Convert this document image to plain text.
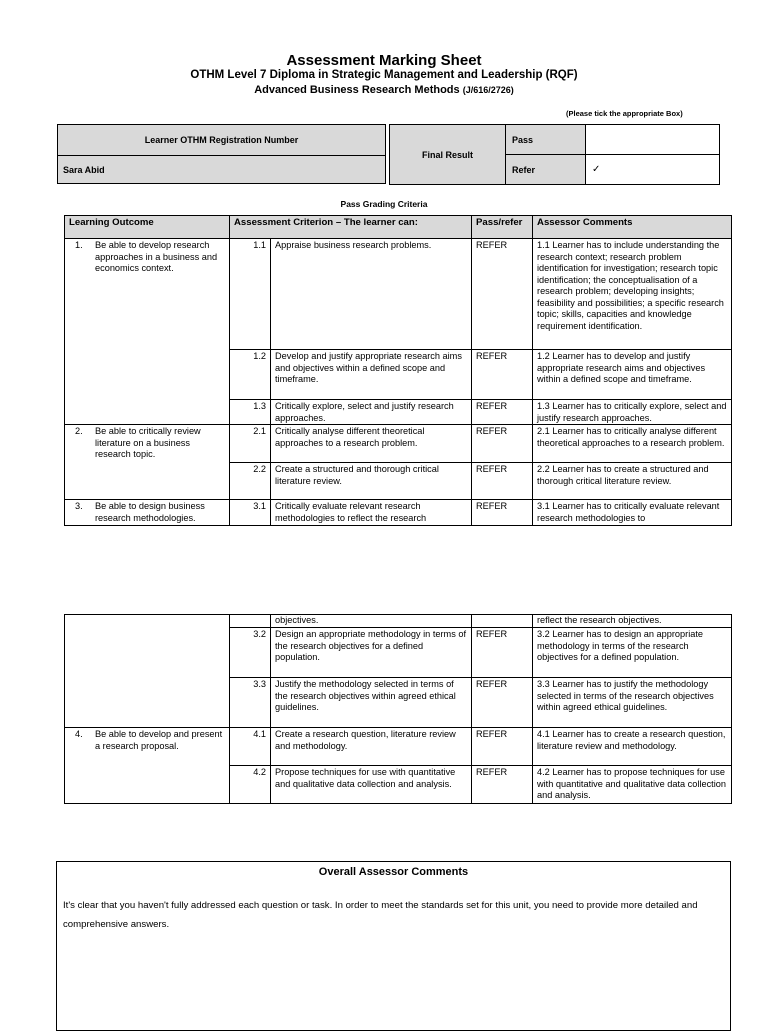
Assessment Marking Sheet
OTHM Level 7 Diploma in Strategic Management and Leadership (RQF)
Advanced Business Research Methods (J/616/2726)
(Please tick the appropriate Box)
Learner OTHM Registration Number
Sara Abid
Final Result
Pass
Refer	✓
Pass Grading Criteria
Learning Outcome	Assessment Criterion – The learner can:		Pass/refer	Assessor Comments

1. Be able to develop research approaches in a business and economics context.	1.1	Appraise business research problems.	REFER	1.1 Learner has to include understanding the research context; research problem identification for investigation; research topic identification; the conceptualisation of a research problem; developing insights; feasibility and possibilities; a specific research topic; skills, capacities and knowledge requirement identification.
	1.2	Develop and justify appropriate research aims and objectives within a defined scope and timeframe.	REFER	1.2 Learner has to develop and justify appropriate research aims and objectives within a defined scope and timeframe.
	1.3	Critically explore, select and justify research approaches.	REFER	1.3 Learner has to critically explore, select and justify research approaches.

2. Be able to critically review literature on a business research topic.	2.1	Critically analyse different theoretical approaches to a research problem.	REFER	2.1 Learner has to critically analyse different theoretical approaches to a research problem.
	2.2	Create a structured and thorough critical literature review.	REFER	2.2 Learner has to create a structured and thorough critical literature review.

3. Be able to design business research methodologies.	3.1	Critically evaluate relevant research methodologies to reflect the research	REFER	3.1 Learner has to critically evaluate relevant research methodologies to
		objectives.		reflect the research objectives.
	3.2	Design an appropriate methodology in terms of the research objectives for a defined population.	REFER	3.2 Learner has to design an appropriate methodology in terms of the research objectives for a defined population.
	3.3	Justify the methodology selected in terms of the research objectives within agreed ethical guidelines.	REFER	3.3 Learner has to justify the methodology selected in terms of the research objectives within agreed ethical guidelines.

4. Be able to develop and present a research proposal.	4.1	Create a research question, literature review and methodology.	REFER	4.1 Learner has to create a research question, literature review and methodology.
	4.2	Propose techniques for use with quantitative and qualitative data collection and analysis.	REFER	4.2 Learner has to propose techniques for use with quantitative and qualitative data collection and analysis.
Overall Assessor Comments
It's clear that you haven't fully addressed each question or task. In order to meet the standards set for this unit, you need to provide more detailed and comprehensive answers.
